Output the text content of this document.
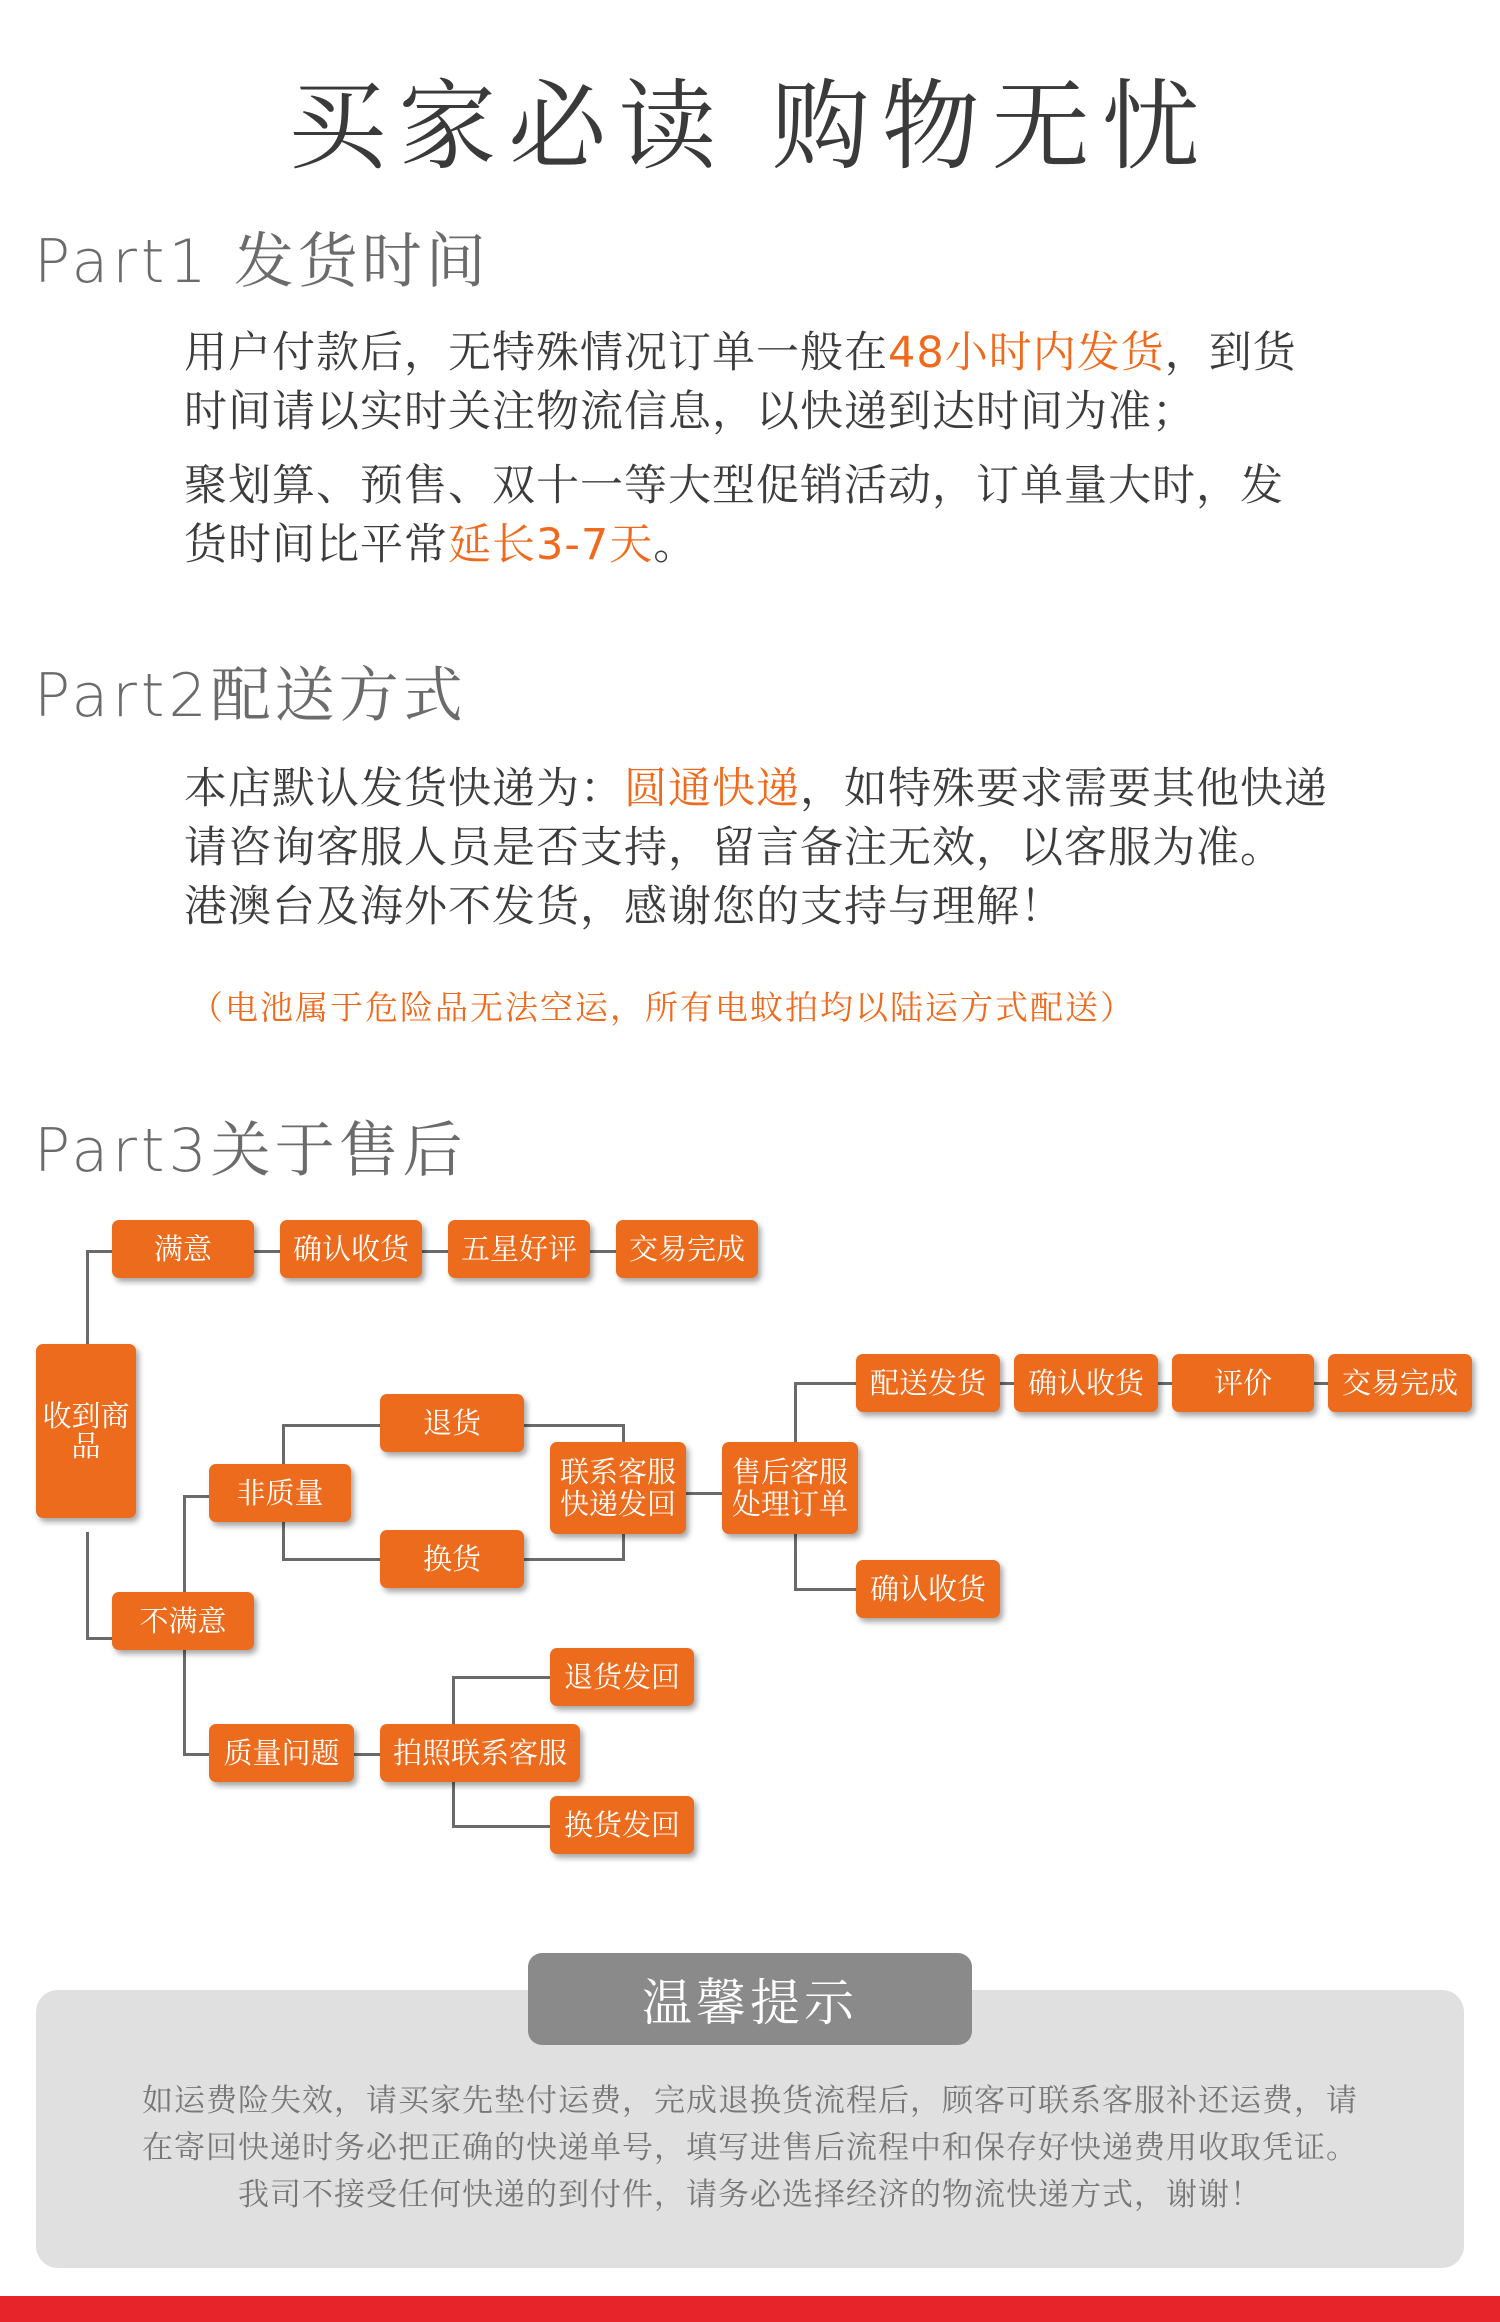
买家必读 购物无忧
Part1 发货时间
用户付款后，无特殊情况订单一般在48小时内发货，到货
时间请以实时关注物流信息，以快递到达时间为准；
聚划算、预售、双十一等大型促销活动，订单量大时，发
货时间比平常延长3-7天。
Part2配送方式
本店默认发货快递为：圆通快递，如特殊要求需要其他快递
请咨询客服人员是否支持，留言备注无效，以客服为准。
港澳台及海外不发货，感谢您的支持与理解！
（电池属于危险品无法空运，所有电蚊拍均以陆运方式配送）
Part3关于售后
收到商品
满意	确认收货	五星好评	交易完成
不满意
非质量
退货
换货
联系客服
快递发回
售后客服
处理订单
配送发货	确认收货	评价	交易完成
确认收货
质量问题	拍照联系客服
退货发回
换货发回
温馨提示
如运费险失效，请买家先垫付运费，完成退换货流程后，顾客可联系客服补还运费，请
在寄回快递时务必把正确的快递单号，填写进售后流程中和保存好快递费用收取凭证。
我司不接受任何快递的到付件，请务必选择经济的物流快递方式，谢谢！
